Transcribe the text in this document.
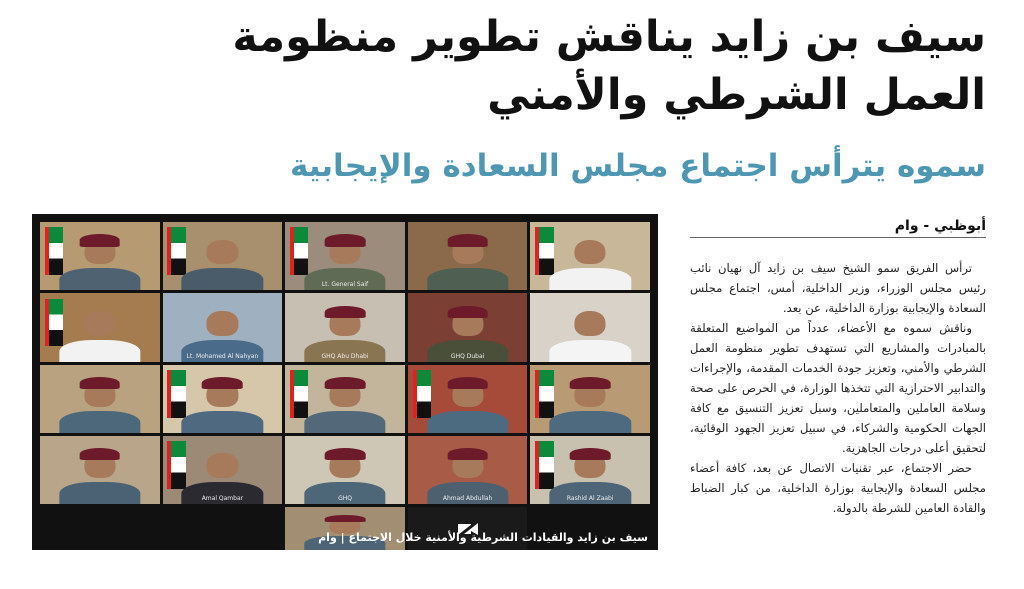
سيف بن زايد يناقش تطوير منظومة العمل الشرطي والأمني
سموه يترأس اجتماع مجلس السعادة والإيجابية
أبوظبي - وام

ترأس الفريق سمو الشيخ سيف بن زايد آل نهيان نائب رئيس مجلس الوزراء، وزير الداخلية، أمس، اجتماع مجلس السعادة والإيجابية بوزارة الداخلية، عن بعد.

وناقش سموه مع الأعضاء، عدداً من المواضيع المتعلقة بالمبادرات والمشاريع التي تستهدف تطوير منظومة العمل الشرطي والأمني، وتعزيز جودة الخدمات المقدمة، والإجراءات والتدابير الاحترازية التي تتخذها الوزارة، في الحرص على صحة وسلامة العاملين والمتعاملين، وسبل تعزيز التنسيق مع كافة الجهات الحكومية والشركاء، في سبيل تعزيز الجهود الوقائية، لتحقيق أعلى درجات الجاهزية.

حضر الاجتماع، عبر تقنيات الاتصال عن بعد، كافة أعضاء مجلس السعادة والإيجابية بوزارة الداخلية، من كبار الضباط والقادة العامين للشرطة بالدولة.

Lt. General Saif
GHQ Dubai
GHQ Abu Dhabi
Lt. Mohamed Al Nahyan
Rashid Al Zaabi
Ahmad Abdullah
GHQ
Amal Qambar
سيف بن زايد والقيادات الشرطية والأمنية خلال الاجتماع | وام
